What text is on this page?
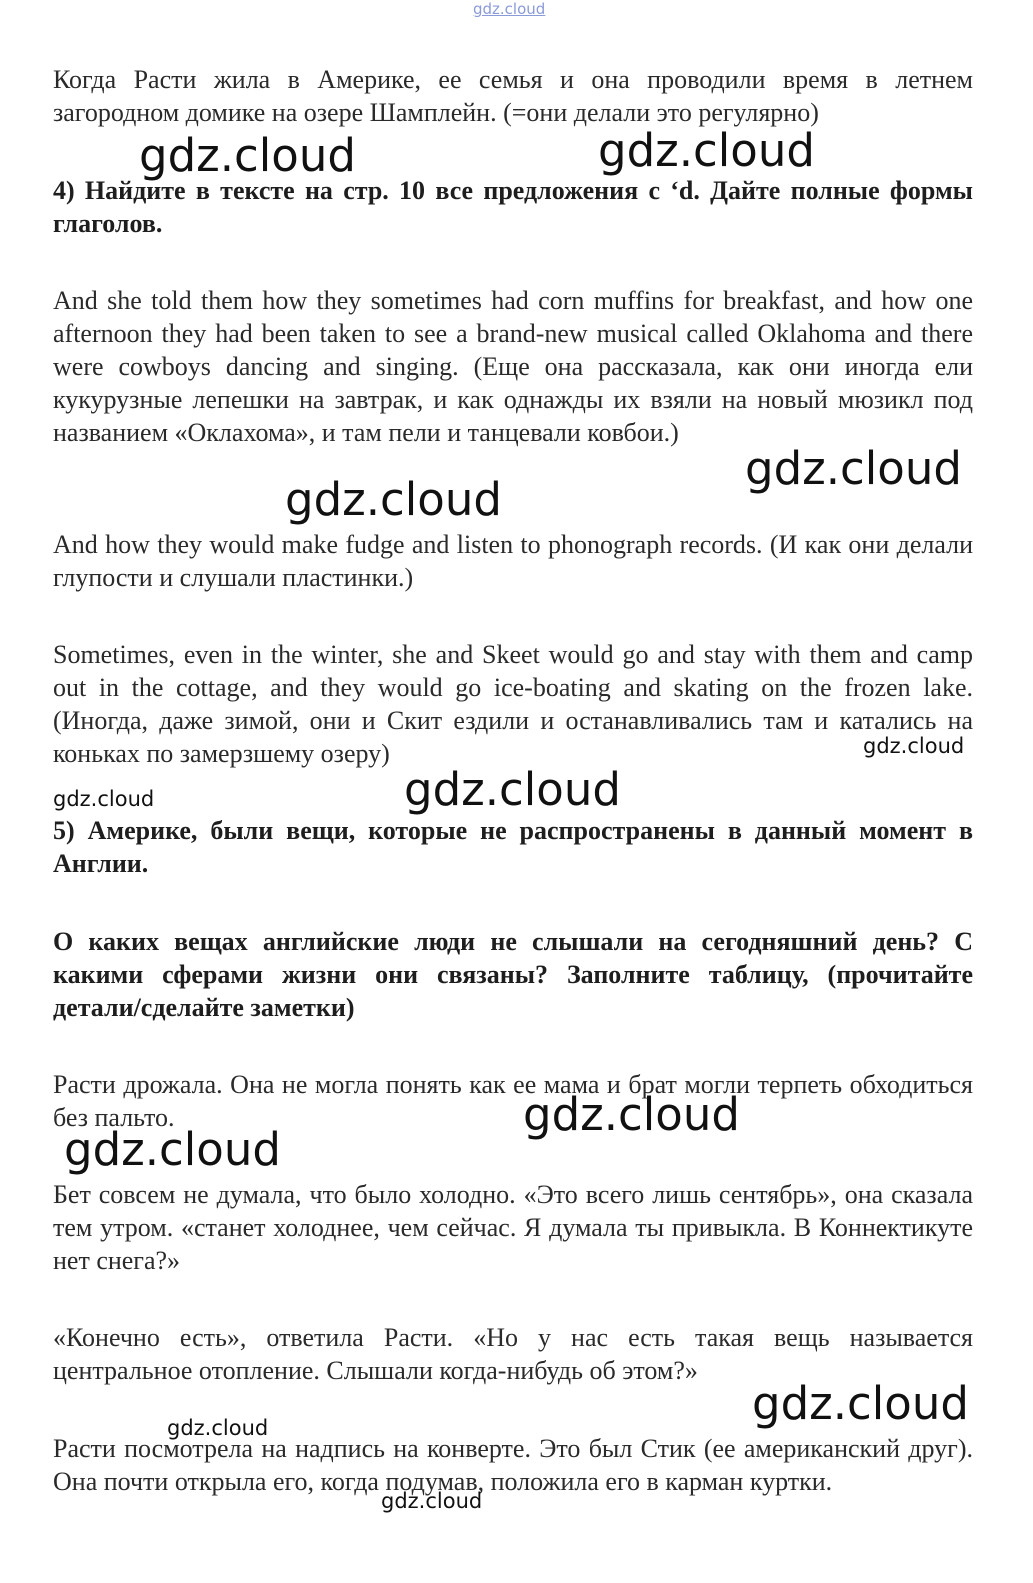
Когда Расти жила в Америке, ее семья и она проводили время в летнем загородном домике на озере Шамплейн. (=они делали это регулярно)

4) Найдите в тексте на стр. 10 все предложения с ‘d. Дайте полные формы глаголов.

And she told them how they sometimes had corn muffins for breakfast, and how one afternoon they had been taken to see a brand-new musical called Oklahoma and there were cowboys dancing and singing. (Еще она рассказала, как они иногда ели кукурузные лепешки на завтрак, и как однажды их взяли на новый мюзикл под названием «Оклахома», и там пели и танцевали ковбои.)

And how they would make fudge and listen to phonograph records. (И как они делали глупости и слушали пластинки.)

Sometimes, even in the winter, she and Skeet would go and stay with them and camp out in the cottage, and they would go ice-boating and skating on the frozen lake. (Иногда, даже зимой, они и Скит ездили и останавливались там и катались на коньках по замерзшему озеру)

5) Америке, были вещи, которые не распространены в данный момент в Англии.

О каких вещах английские люди не слышали на сегодняшний день? С какими сферами жизни они связаны? Заполните таблицу, (прочитайте детали/сделайте заметки)

Расти дрожала. Она не могла понять как ее мама и брат могли терпеть обходиться без пальто.

Бет совсем не думала, что было холодно. «Это всего лишь сентябрь», она сказала тем утром. «станет холоднее, чем сейчас. Я думала ты привыкла. В Коннектикуте нет снега?»

«Конечно есть», ответила Расти. «Но у нас есть такая вещь называется центральное отопление. Слышали когда-нибудь об этом?»

Расти посмотрела на надпись на конверте. Это был Стик (ее американский друг). Она почти открыла его, когда подумав, положила его в карман куртки.

gdz.cloud
gdz.cloud	gdz.cloud
gdz.cloud
gdz.cloud
gdz.cloud
gdz.cloud
gdz.cloud
gdz.cloud
gdz.cloud
gdz.cloud
gdz.cloud
gdz.cloud
